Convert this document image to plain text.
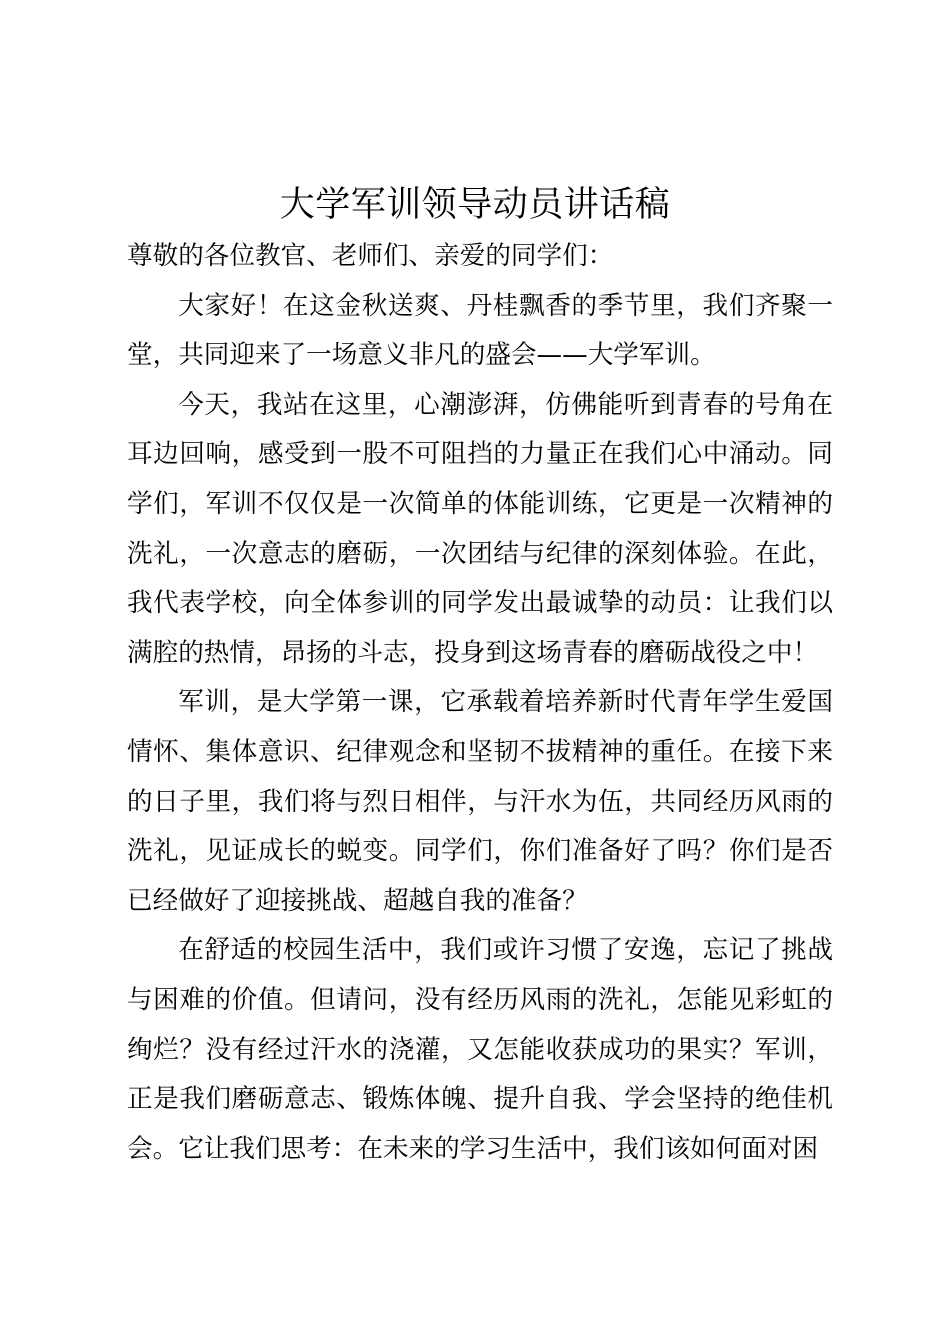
大学军训领导动员讲话稿

尊敬的各位教官、老师们、亲爱的同学们：

大家好！在这金秋送爽、丹桂飘香的季节里，我们齐聚一堂，共同迎来了一场意义非凡的盛会——大学军训。

今天，我站在这里，心潮澎湃，仿佛能听到青春的号角在耳边回响，感受到一股不可阻挡的力量正在我们心中涌动。同学们，军训不仅仅是一次简单的体能训练，它更是一次精神的洗礼，一次意志的磨砺，一次团结与纪律的深刻体验。在此，我代表学校，向全体参训的同学发出最诚挚的动员：让我们以满腔的热情，昂扬的斗志，投身到这场青春的磨砺战役之中！

军训，是大学第一课，它承载着培养新时代青年学生爱国情怀、集体意识、纪律观念和坚韧不拔精神的重任。在接下来的日子里，我们将与烈日相伴，与汗水为伍，共同经历风雨的洗礼，见证成长的蜕变。同学们，你们准备好了吗？你们是否已经做好了迎接挑战、超越自我的准备？

在舒适的校园生活中，我们或许习惯了安逸，忘记了挑战与困难的价值。但请问，没有经历风雨的洗礼，怎能见彩虹的绚烂？没有经过汗水的浇灌，又怎能收获成功的果实？军训，正是我们磨砺意志、锻炼体魄、提升自我、学会坚持的绝佳机会。它让我们思考：在未来的学习生活中，我们该如何面对困
